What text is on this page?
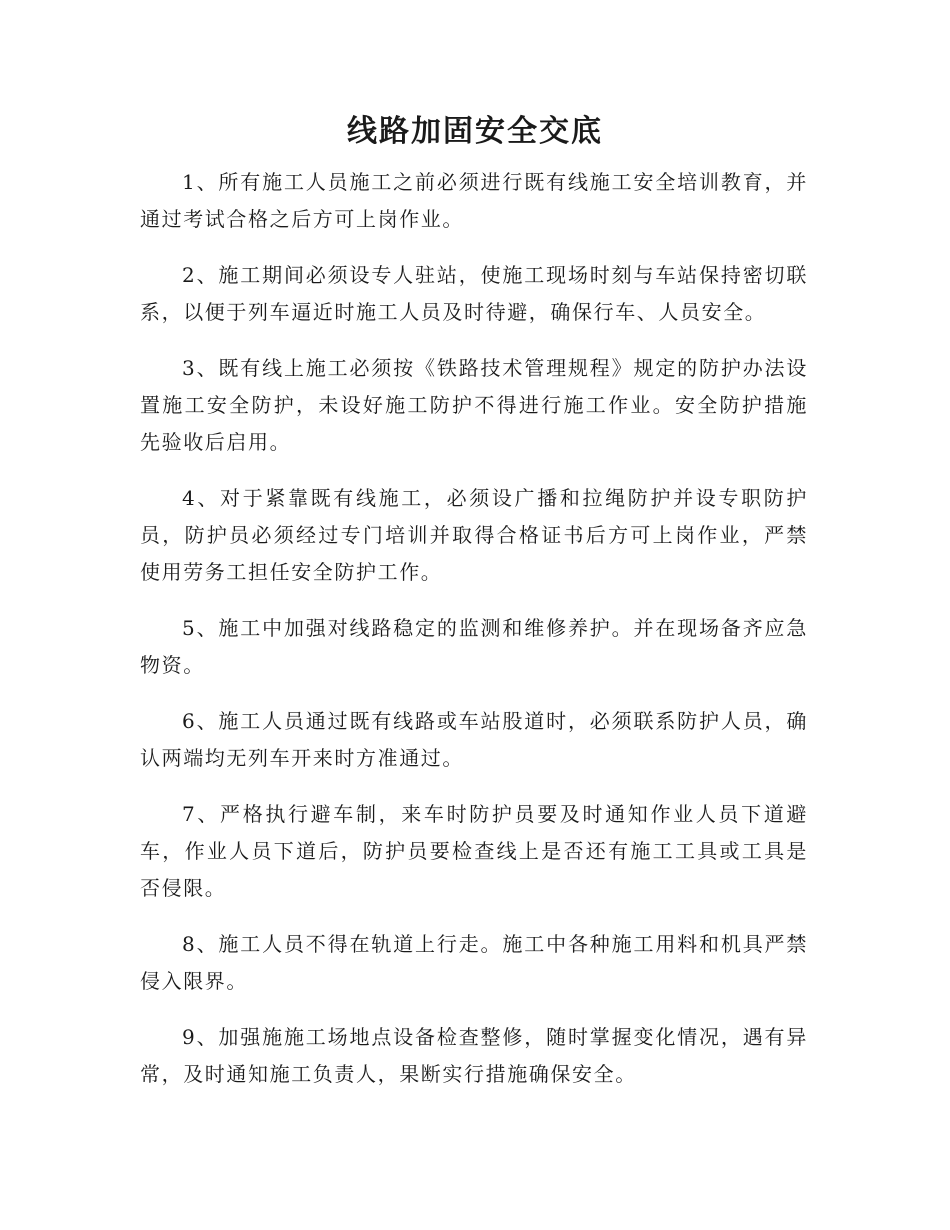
线路加固安全交底

1、所有施工人员施工之前必须进行既有线施工安全培训教育，并通过考试合格之后方可上岗作业。

2、施工期间必须设专人驻站，使施工现场时刻与车站保持密切联系，以便于列车逼近时施工人员及时待避，确保行车、人员安全。

3、既有线上施工必须按《铁路技术管理规程》规定的防护办法设置施工安全防护，未设好施工防护不得进行施工作业。安全防护措施先验收后启用。

4、对于紧靠既有线施工，必须设广播和拉绳防护并设专职防护员，防护员必须经过专门培训并取得合格证书后方可上岗作业，严禁使用劳务工担任安全防护工作。

5、施工中加强对线路稳定的监测和维修养护。并在现场备齐应急物资。

6、施工人员通过既有线路或车站股道时，必须联系防护人员，确认两端均无列车开来时方准通过。

7、严格执行避车制，来车时防护员要及时通知作业人员下道避车，作业人员下道后，防护员要检查线上是否还有施工工具或工具是否侵限。

8、施工人员不得在轨道上行走。施工中各种施工用料和机具严禁侵入限界。

9、加强施施工场地点设备检查整修，随时掌握变化情况，遇有异常，及时通知施工负责人，果断实行措施确保安全。
